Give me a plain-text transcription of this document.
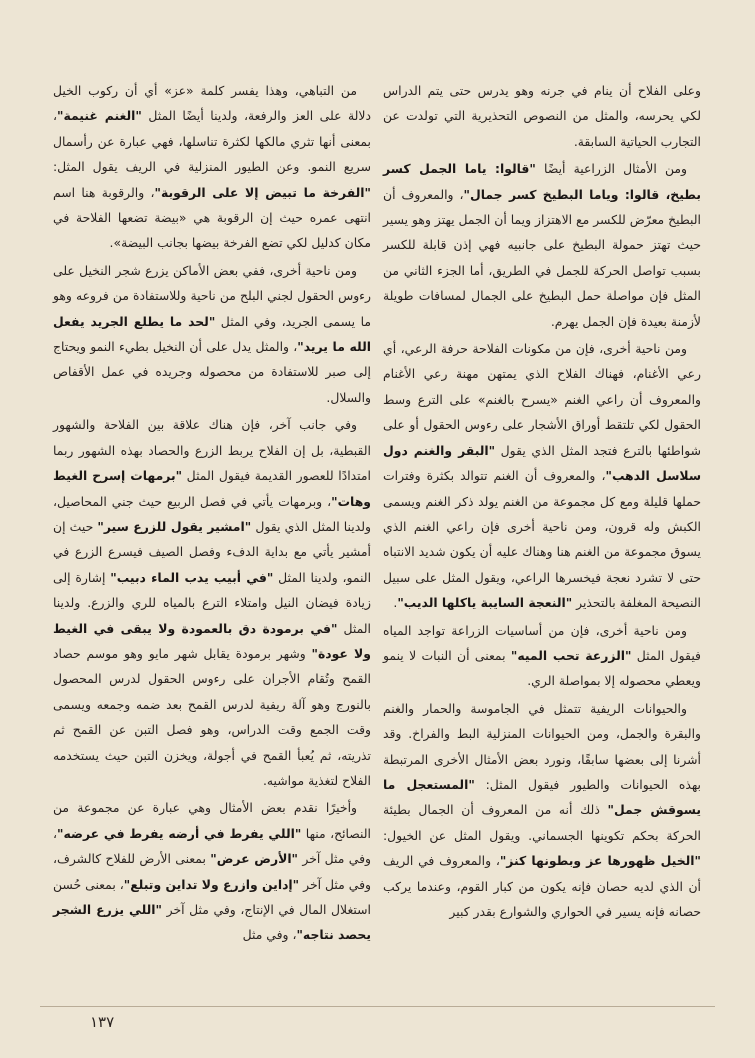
وعلى الفلاح أن ينام في جرنه وهو يدرس حتى يتم الدراس لكي يحرسه، والمثل من النصوص التحذيرية التي تولدت عن التجارب الحياتية السابقة.

ومن الأمثال الزراعية أيضًا "قالوا: ياما الجمل كسر بطيخ، قالوا: وياما البطيخ كسر جمال"، والمعروف أن البطيخ معرّض للكسر مع الاهتزاز ويما أن الجمل يهتز وهو يسير حيث تهتز حمولة البطيخ على جانبيه فهي إذن قابلة للكسر بسبب تواصل الحركة للجمل في الطريق، أما الجزء الثاني من المثل فإن مواصلة حمل البطيخ على الجمال لمسافات طويلة لأزمنة بعيدة فإن الجمل يهرم.

ومن ناحية أخرى، فإن من مكونات الفلاحة حرفة الرعي، أي رعي الأغنام، فهناك الفلاح الذي يمتهن مهنة رعي الأغنام والمعروف أن راعي الغنم «يسرح بالغنم» على الترع وسط الحقول لكي تلتقط أوراق الأشجار على رءوس الحقول أو على شواطئها بالترع فتجد المثل الذي يقول "البقر والغنم دول سلاسل الدهب"، والمعروف أن الغنم تتوالد بكثرة وفترات حملها قليلة ومع كل مجموعة من الغنم يولد ذكر الغنم ويسمى الكبش وله قرون، ومن ناحية أخرى فإن راعي الغنم الذي يسوق مجموعة من الغنم هنا وهناك عليه أن يكون شديد الانتباه حتى لا تشرد نعجة فيخسرها الراعي، ويقول المثل على سبيل النصيحة المغلفة بالتحذير "النعجة السايبة ياكلها الديب".

ومن ناحية أخرى، فإن من أساسيات الزراعة تواجد المياه فيقول المثل "الزرعة تحب الميه" بمعنى أن النبات لا ينمو ويعطي محصوله إلا بمواصلة الري.

والحيوانات الريفية تتمثل في الجاموسة والحمار والغنم والبقرة والجمل، ومن الحيوانات المنزلية البط والفراخ. وقد أشرنا إلى بعضها سابقًا، ونورد بعض الأمثال الأخرى المرتبطة بهذه الحيوانات والطيور فيقول المثل: "المستعجل ما يسوقش جمل" ذلك أنه من المعروف أن الجمال بطيئة الحركة بحكم تكوينها الجسماني. ويقول المثل عن الخيول: "الخيل ظهورها عز وبطونها كنز"، والمعروف في الريف أن الذي لديه حصان فإنه يكون من كبار القوم، وعندما يركب حصانه فإنه يسير في الحواري والشوارع بقدر كبير

من التباهي، وهذا يفسر كلمة «عز» أي أن ركوب الخيل دلالة على العز والرفعة، ولدينا أيضًا المثل "الغنم غنيمة"، بمعنى أنها تثري مالكها لكثرة تناسلها، فهي عبارة عن رأسمال سريع النمو. وعن الطيور المنزلية في الريف يقول المثل: "الفرخة ما تبيض إلا على الرقوبة"، والرقوبة هنا اسم انتهى عمره حيث إن الرقوبة هي «بيضة تضعها الفلاحة في مكان كدليل لكي تضع الفرخة بيضها بجانب البيضة».

ومن ناحية أخرى، ففي بعض الأماكن يزرع شجر النخيل على رءوس الحقول لجني البلح من ناحية وللاستفادة من فروعه وهو ما يسمى الجريد، وفي المثل "لحد ما يطلع الجريد يفعل الله ما يريد"، والمثل يدل على أن النخيل بطيء النمو ويحتاج إلى صبر للاستفادة من محصوله وجريده في عمل الأقفاص والسلال.

وفي جانب آخر، فإن هناك علاقة بين الفلاحة والشهور القبطية، بل إن الفلاح يربط الزرع والحصاد بهذه الشهور ربما امتدادًا للعصور القديمة فيقول المثل "برمهات إسرح الغيط وهات"، وبرمهات يأتي في فصل الربيع حيث جني المحاصيل، ولدينا المثل الذي يقول "امشير يقول للزرع سير" حيث إن أمشير يأتي مع بداية الدفء وفصل الصيف فيسرع الزرع في النمو، ولدينا المثل "في أبيب يدب الماء دبيب" إشارة إلى زيادة فيضان النيل وامتلاء الترع بالمياه للري والزرع. ولدينا المثل "في برمودة دق بالعمودة ولا يبقى في الغيط ولا عودة" وشهر برمودة يقابل شهر مايو وهو موسم حصاد القمح وتُقام الأجران على رءوس الحقول لدرس المحصول بالنورج وهو آلة ريفية لدرس القمح بعد ضمه وجمعه ويسمى وقت الجمع وقت الدراس، وهو فصل التبن عن القمح ثم تذريته، ثم يُعبأ القمح في أجولة، ويخزن التبن حيث يستخدمه الفلاح لتغذية مواشيه.

وأخيرًا نقدم بعض الأمثال وهي عبارة عن مجموعة من النصائح، منها "اللي يفرط في أرضه يفرط في عرضه"، وفي مثل آخر "الأرض عرض" بمعنى الأرض للفلاح كالشرف، وفي مثل آخر "إداين وازرع ولا تداين وتبلع"، بمعنى حُسن استغلال المال في الإنتاج، وفي مثل آخر "اللي يزرع الشجر يحصد نتاجه"، وفي مثل

١٣٧
